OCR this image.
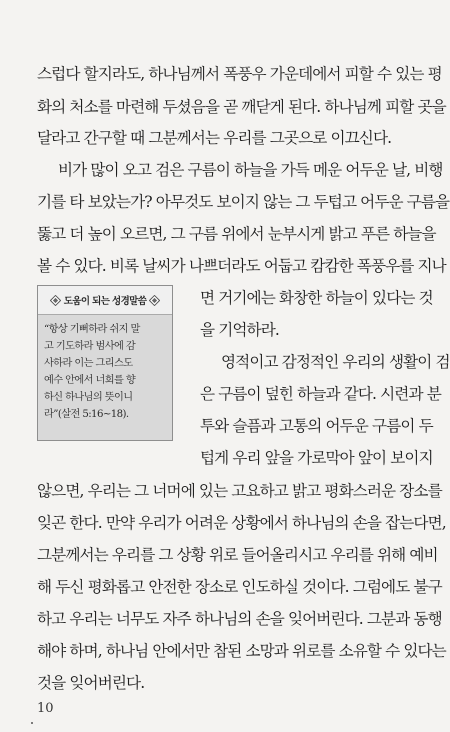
스럽다 할지라도, 하나님께서 폭풍우 가운데에서 피할 수 있는 평
화의 처소를 마련해 두셨음을 곧 깨닫게 된다. 하나님께 피할 곳을
달라고 간구할 때 그분께서는 우리를 그곳으로 이끄신다.
비가 많이 오고 검은 구름이 하늘을 가득 메운 어두운 날, 비행
기를 타 보았는가? 아무것도 보이지 않는 그 두텁고 어두운 구름을
뚫고 더 높이 오르면, 그 구름 위에서 눈부시게 밝고 푸른 하늘을
볼 수 있다. 비록 날씨가 나쁘더라도 어둡고 캄캄한 폭풍우를 지나
면 거기에는 화창한 하늘이 있다는 것
을 기억하라.
영적이고 감정적인 우리의 생활이 검
은 구름이 덮힌 하늘과 같다. 시련과 분
투와 슬픔과 고통의 어두운 구름이 두
텁게 우리 앞을 가로막아 앞이 보이지
않으면, 우리는 그 너머에 있는 고요하고 밝고 평화스러운 장소를
잊곤 한다. 만약 우리가 어려운 상황에서 하나님의 손을 잡는다면,
그분께서는 우리를 그 상황 위로 들어올리시고 우리를 위해 예비
해 두신 평화롭고 안전한 장소로 인도하실 것이다. 그럼에도 불구
하고 우리는 너무도 자주 하나님의 손을 잊어버린다. 그분과 동행
해야 하며, 하나님 안에서만 참된 소망과 위로를 소유할 수 있다는
것을 잊어버린다.
도움이 되는 성경말씀
“항상 기뻐하라 쉬지 말
고 기도하라 범사에 감
사하라 이는 그리스도
예수 안에서 너희를 향
하신 하나님의 뜻이니
라”(살전 5:16~18).
10
